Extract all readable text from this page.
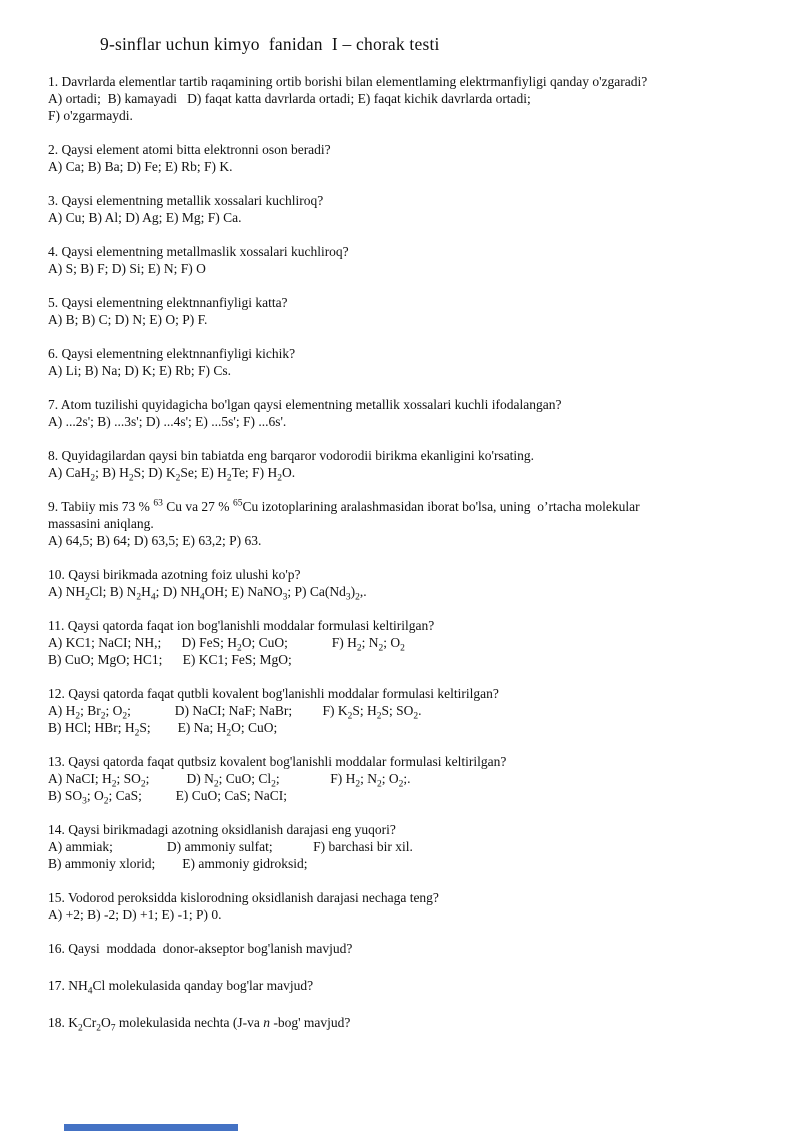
9-sinflar uchun kimyo  fanidan  I – chorak testi
1. Davrlarda elementlar tartib raqamining ortib borishi bilan elementlaming elektrmanfiyligi qanday o'zgaradi?
A) ortadi;  B) kamayadi   D) faqat katta davrlarda ortadi; E) faqat kichik davrlarda ortadi;
F) o'zgarmaydi.
2. Qaysi element atomi bitta elektronni oson beradi?
A) Ca; B) Ba; D) Fe; E) Rb; F) K.
3. Qaysi elementning metallik xossalari kuchliroq?
A) Cu; B) Al; D) Ag; E) Mg; F) Ca.
4. Qaysi elementning metallmaslik xossalari kuchliroq?
A) S; B) F; D) Si; E) N; F) O
5. Qaysi elementning elektnnanfiyligi katta?
A) B; B) C; D) N; E) O; P) F.
6. Qaysi elementning elektnnanfiyligi kichik?
A) Li; B) Na; D) K; E) Rb; F) Cs.
7. Atom tuzilishi quyidagicha bo'lgan qaysi elementning metallik xossalari kuchli ifodalangan?
A) ...2s'; B) ...3s'; D) ...4s'; E) ...5s'; F) ...6s'.
8. Quyidagilardan qaysi bin tabiatda eng barqaror vodorodii birikma ekanligini ko'rsating.
A) CaH$_2$; B) $H_2S$; D) $K_2Se$; E) $H_2Te$; F) $H_2O$.
9. Tabiiy mis 73 % $^{63}$ Cu va 27 % $^{65}$Cu izotoplarining aralashmasidan iborat bo'lsa, uning  o’rtacha molekular
massasini aniqlang.
A) 64,5; B) 64; D) 63,5; E) 63,2; P) 63.
10. Qaysi birikmada azotning foiz ulushi ko'p?
A) $NH_2Cl$; B) $N_2H_4$; D) $NH_4OH$; E) NaNO$_3$; P) $Ca(Nd_3)_2$,.
11. Qaysi qatorda faqat ion bog'lanishli moddalar formulasi keltirilgan?
A) KC1; NaCI; NH,;      D) FeS; $H_2O$; CuO;             F) $H_2$; $N_2$; $O_2$
B) CuO; MgO; HC1;      E) KC1; FeS; MgO;
12. Qaysi qatorda faqat qutbli kovalent bog'lanishli moddalar formulasi keltirilgan?
A) $H_2$; $Br_2$; $O_2$;             D) NaCI; NaF; NaBr;         F) $K_2S$; $H_2S$; $SO_2$.
B) HCl; HBr; $H_2S$;        E) Na; $H_2O$; CuO;
13. Qaysi qatorda faqat qutbsiz kovalent bog'lanishli moddalar formulasi keltirilgan?
A) NaCI; $H_2$; $SO_2$;           D) $N_2$; CuO; $Cl_2$;               F) $H_2$; $N_2$; $O_2$;.
B) $SO_3$; $O_2$; CaS;          E) CuO; CaS; NaCI;
14. Qaysi birikmadagi azotning oksidlanish darajasi eng yuqori?
A) ammiak;                D) ammoniy sulfat;            F) barchasi bir xil.
B) ammoniy xlorid;        E) ammoniy gidroksid;
15. Vodorod peroksidda kislorodning oksidlanish darajasi nechaga teng?
A) +2; B) -2; D) +1; E) -1; P) 0.
16. Qaysi  moddada  donor-akseptor bog'lanish mavjud?
17. $NH_4Cl$ molekulasida qanday bog'lar mavjud?
18. $K_2Cr_2O_7$ molekulasida nechta (J-va n -bog' mavjud?
